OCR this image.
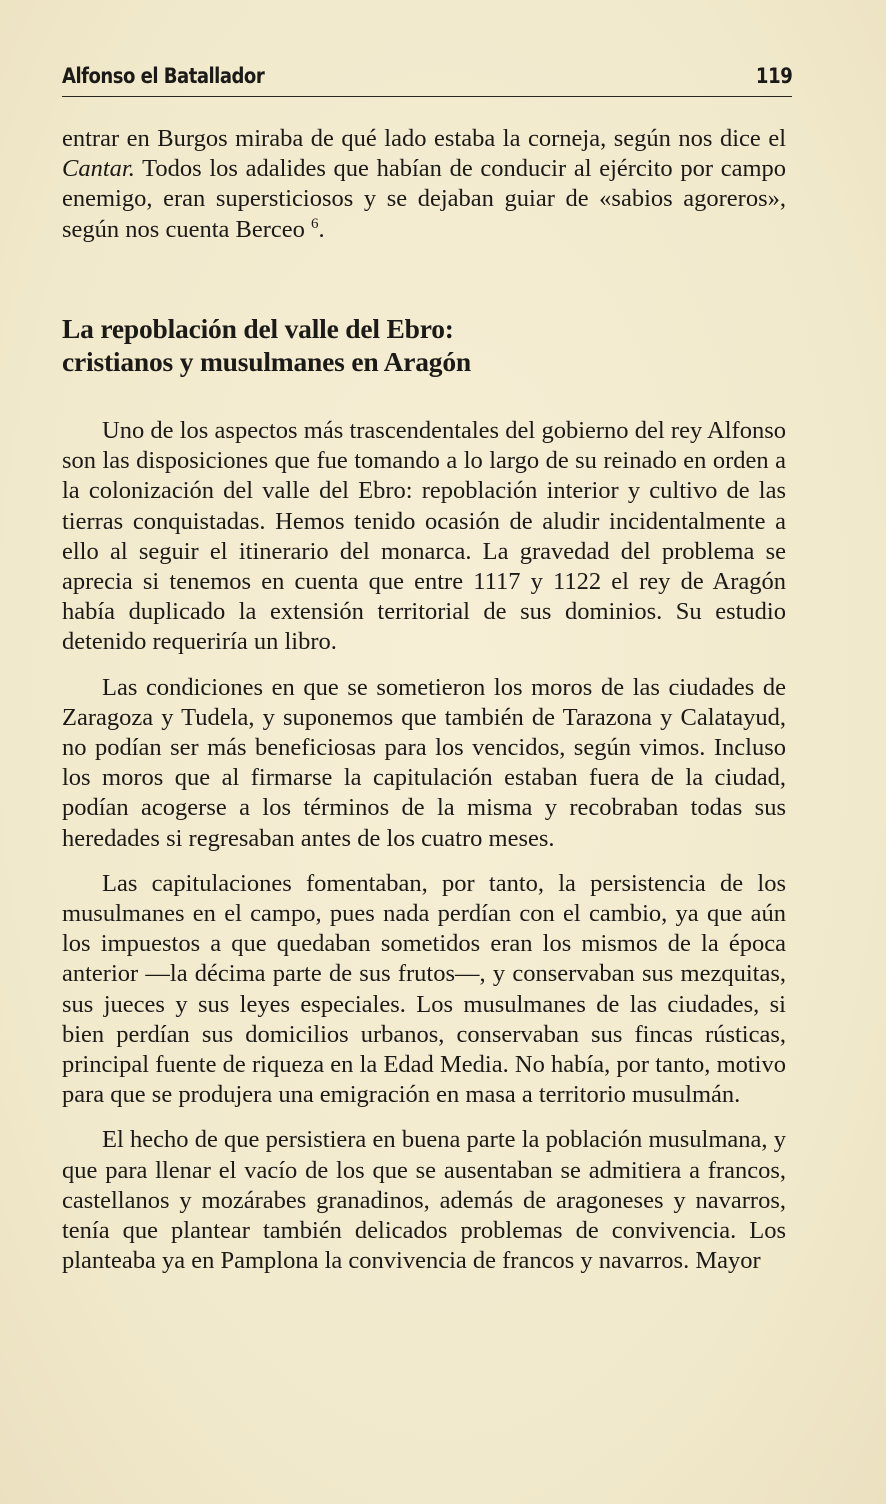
Alfonso el Batallador	119

entrar en Burgos miraba de qué lado estaba la corneja, según nos dice el Cantar. Todos los adalides que habían de conducir al ejército por campo enemigo, eran supersticiosos y se dejaban guiar de «sabios agoreros», según nos cuenta Berceo $^6$.

La repoblación del valle del Ebro:
cristianos y musulmanes en Aragón

Uno de los aspectos más trascendentales del gobierno del rey Alfonso son las disposiciones que fue tomando a lo largo de su reinado en orden a la colonización del valle del Ebro: repoblación interior y cultivo de las tierras conquistadas. Hemos tenido ocasión de aludir incidentalmente a ello al seguir el itinerario del monarca. La gravedad del problema se aprecia si tenemos en cuenta que entre 1117 y 1122 el rey de Aragón había duplicado la extensión territorial de sus dominios. Su estudio detenido requeriría un libro.

Las condiciones en que se sometieron los moros de las ciudades de Zaragoza y Tudela, y suponemos que también de Tarazona y Calatayud, no podían ser más beneficiosas para los vencidos, según vimos. Incluso los moros que al firmarse la capitulación estaban fuera de la ciudad, podían acogerse a los términos de la misma y recobraban todas sus heredades si regresaban antes de los cuatro meses.

Las capitulaciones fomentaban, por tanto, la persistencia de los musulmanes en el campo, pues nada perdían con el cambio, ya que aún los impuestos a que quedaban sometidos eran los mismos de la época anterior —la décima parte de sus frutos—, y conservaban sus mezquitas, sus jueces y sus leyes especiales. Los musulmanes de las ciudades, si bien perdían sus domicilios urbanos, conservaban sus fincas rústicas, principal fuente de riqueza en la Edad Media. No había, por tanto, motivo para que se produjera una emigración en masa a territorio musulmán.

El hecho de que persistiera en buena parte la población musulmana, y que para llenar el vacío de los que se ausentaban se admitiera a francos, castellanos y mozárabes granadinos, además de aragoneses y navarros, tenía que plantear también delicados problemas de convivencia. Los planteaba ya en Pamplona la convivencia de francos y navarros. Mayor
